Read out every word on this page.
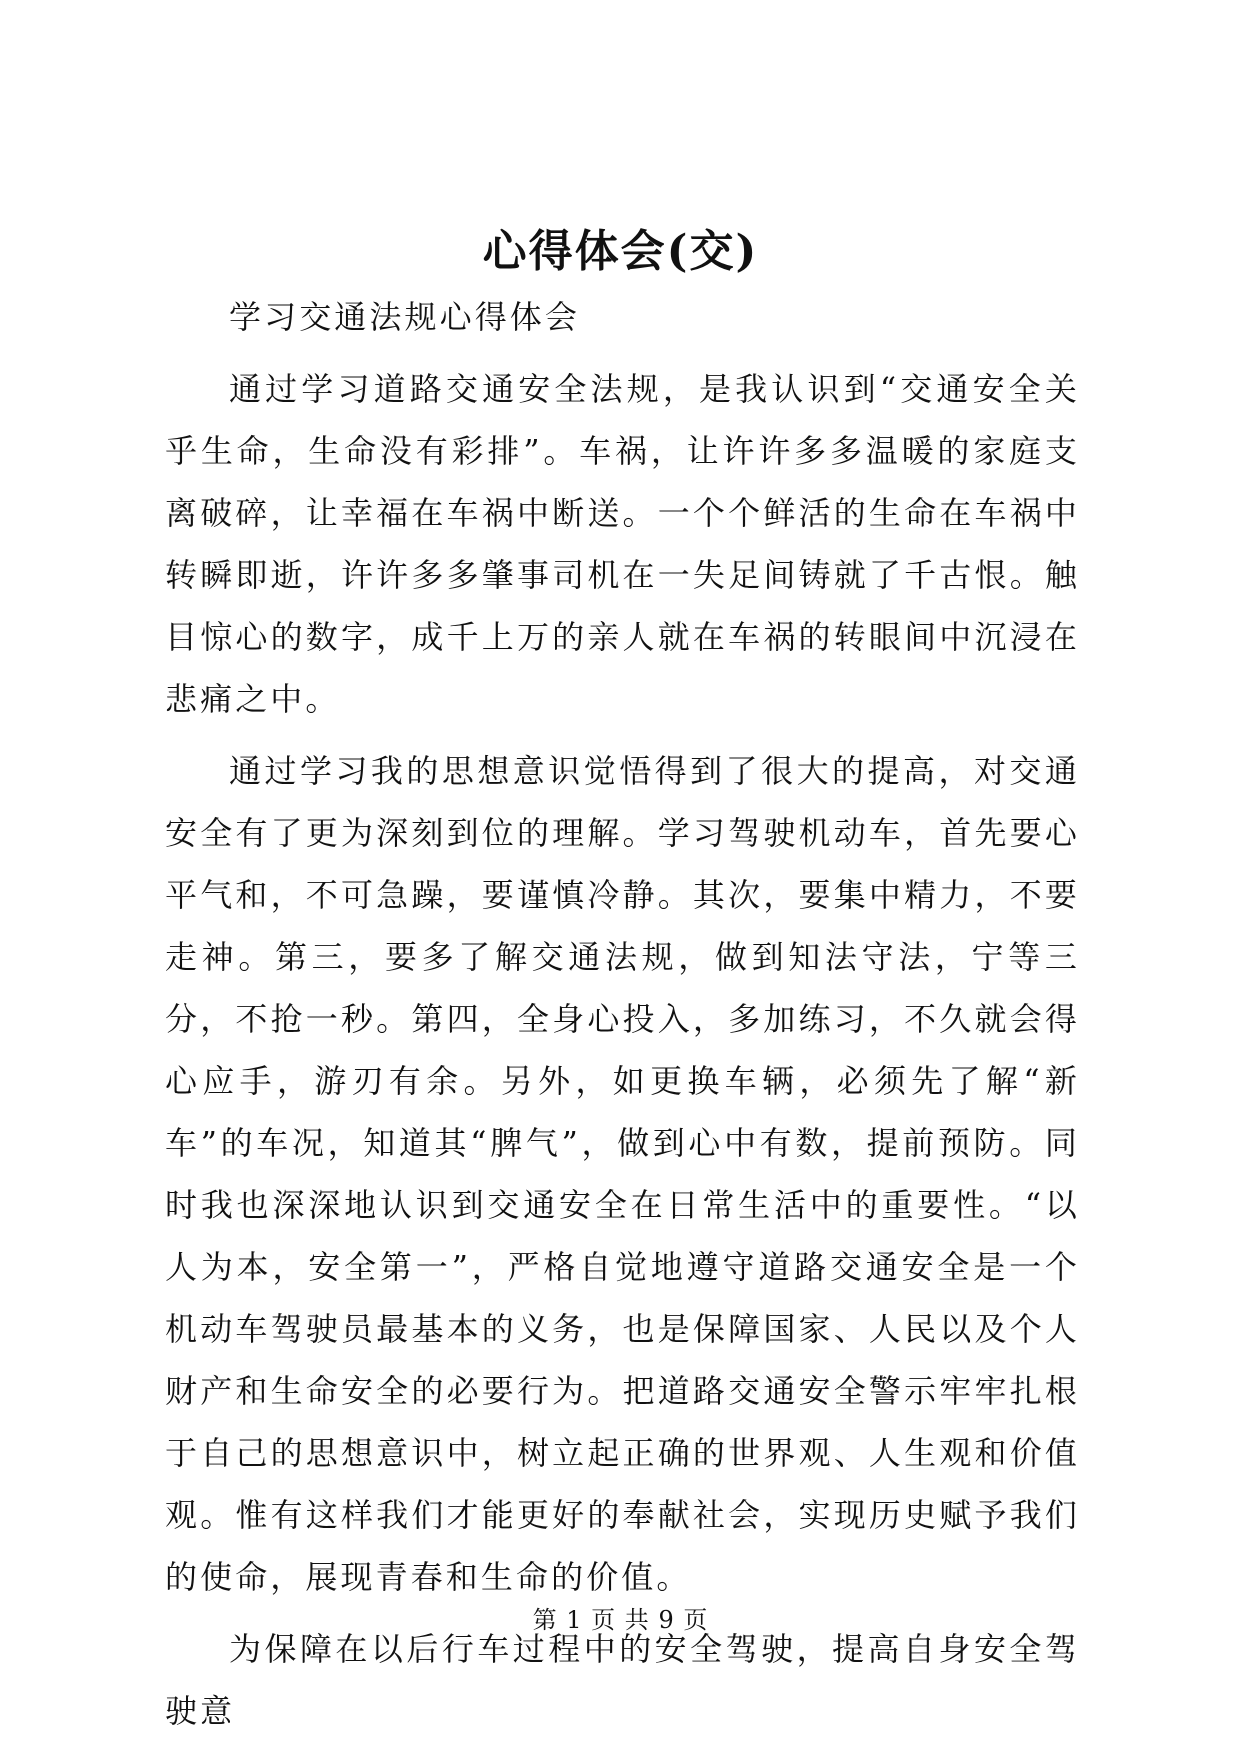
心得体会(交)

学习交通法规心得体会

通过学习道路交通安全法规，是我认识到“交通安全关乎生命，生命没有彩排”。车祸，让许许多多温暖的家庭支离破碎，让幸福在车祸中断送。一个个鲜活的生命在车祸中转瞬即逝，许许多多肇事司机在一失足间铸就了千古恨。触目惊心的数字，成千上万的亲人就在车祸的转眼间中沉浸在悲痛之中。

通过学习我的思想意识觉悟得到了很大的提高，对交通安全有了更为深刻到位的理解。学习驾驶机动车，首先要心平气和，不可急躁，要谨慎冷静。其次，要集中精力，不要走神。第三，要多了解交通法规，做到知法守法，宁等三分，不抢一秒。第四，全身心投入，多加练习，不久就会得心应手，游刃有余。另外，如更换车辆，必须先了解“新车”的车况，知道其“脾气”，做到心中有数，提前预防。同时我也深深地认识到交通安全在日常生活中的重要性。“以人为本，安全第一”，严格自觉地遵守道路交通安全是一个机动车驾驶员最基本的义务，也是保障国家、人民以及个人财产和生命安全的必要行为。把道路交通安全警示牢牢扎根于自己的思想意识中，树立起正确的世界观、人生观和价值观。惟有这样我们才能更好的奉献社会，实现历史赋予我们的使命，展现青春和生命的价值。

为保障在以后行车过程中的安全驾驶，提高自身安全驾驶意

第 1 页 共 9 页
